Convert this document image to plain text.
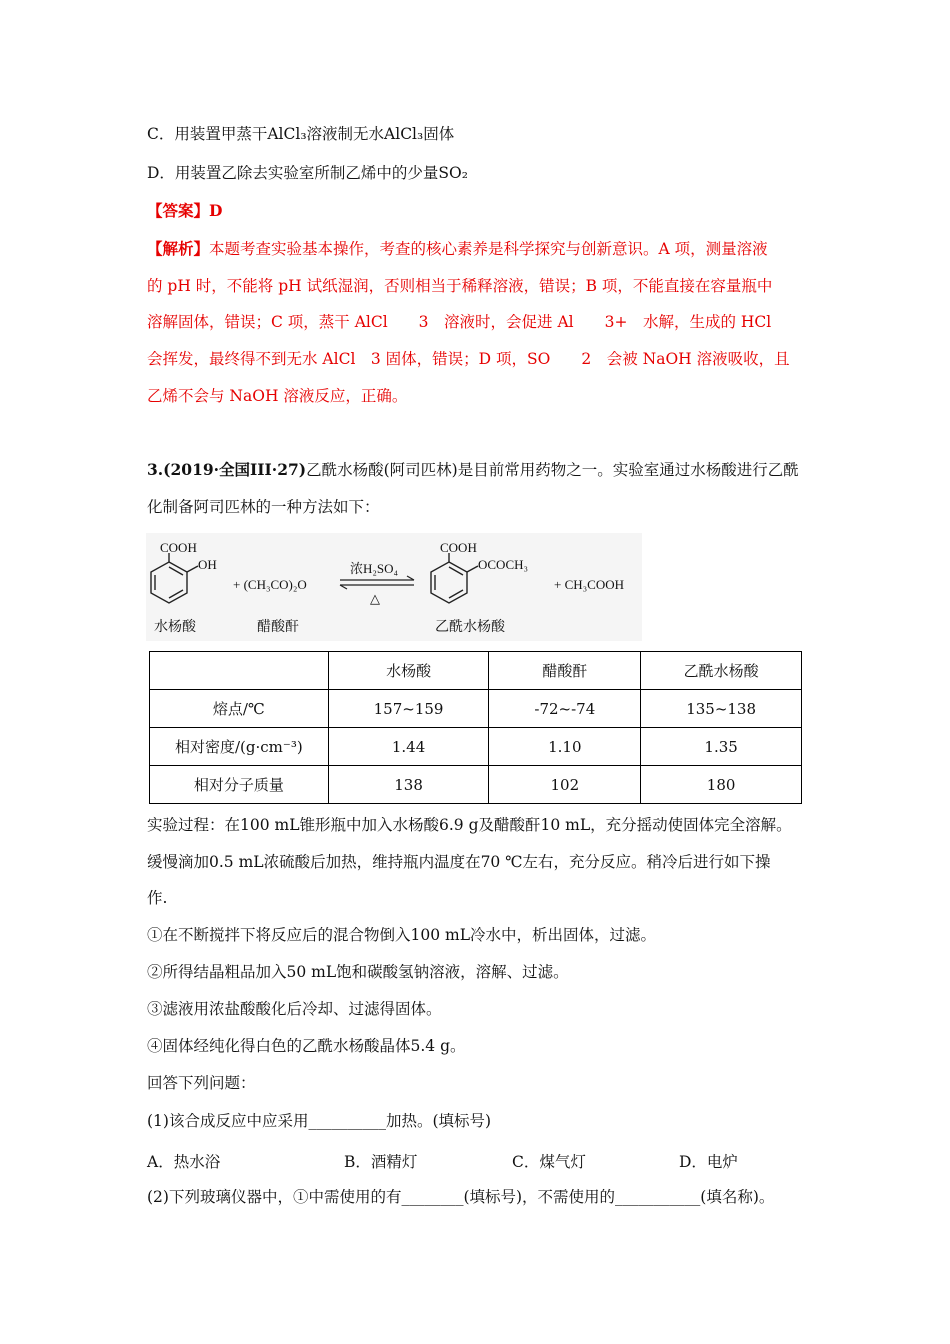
C．用装置甲蒸干AlCl₃溶液制无水AlCl₃固体
D．用装置乙除去实验室所制乙烯中的少量SO₂
【答案】D
【解析】本题考查实验基本操作，考查的核心素养是科学探究与创新意识。A 项，测量溶液
的 pH 时，不能将 pH 试纸湿润，否则相当于稀释溶液，错误；B 项，不能直接在容量瓶中
溶解固体，错误；C 项，蒸干 AlCl　　3　溶液时，会促进 Al　　3+　水解，生成的 HCl
会挥发，最终得不到无水 AlCl　3 固体，错误；D 项，SO　　2　会被 NaOH 溶液吸收，且
乙烯不会与 NaOH 溶液反应，正确。
3.(2019·全国III·27)乙酰水杨酸(阿司匹林)是目前常用药物之一。实验室通过水杨酸进行乙酰
化制备阿司匹林的一种方法如下：
COOH
OH
水杨酸
+ (CH₃CO)₂O
醋酸酐
浓H₂SO₄
△
COOH
OCOCH₃
乙酰水杨酸
+ CH₃COOH
	水杨酸	醋酸酐	乙酰水杨酸
熔点/℃	157~159	-72~-74	135~138
相对密度/(g·cm⁻³)	1.44	1.10	1.35
相对分子质量	138	102	180
实验过程：在100 mL锥形瓶中加入水杨酸6.9 g及醋酸酐10 mL，充分摇动使固体完全溶解。
缓慢滴加0.5 mL浓硫酸后加热，维持瓶内温度在70 ℃左右，充分反应。稍冷后进行如下操
作.
①在不断搅拌下将反应后的混合物倒入100 mL冷水中，析出固体，过滤。
②所得结晶粗品加入50 mL饱和碳酸氢钠溶液，溶解、过滤。
③滤液用浓盐酸酸化后冷却、过滤得固体。
④固体经纯化得白色的乙酰水杨酸晶体5.4 g。
回答下列问题：
(1)该合成反应中应采用__________加热。(填标号)
A．热水浴	B．酒精灯	C．煤气灯	D．电炉
(2)下列玻璃仪器中，①中需使用的有________(填标号)，不需使用的___________(填名称)。
